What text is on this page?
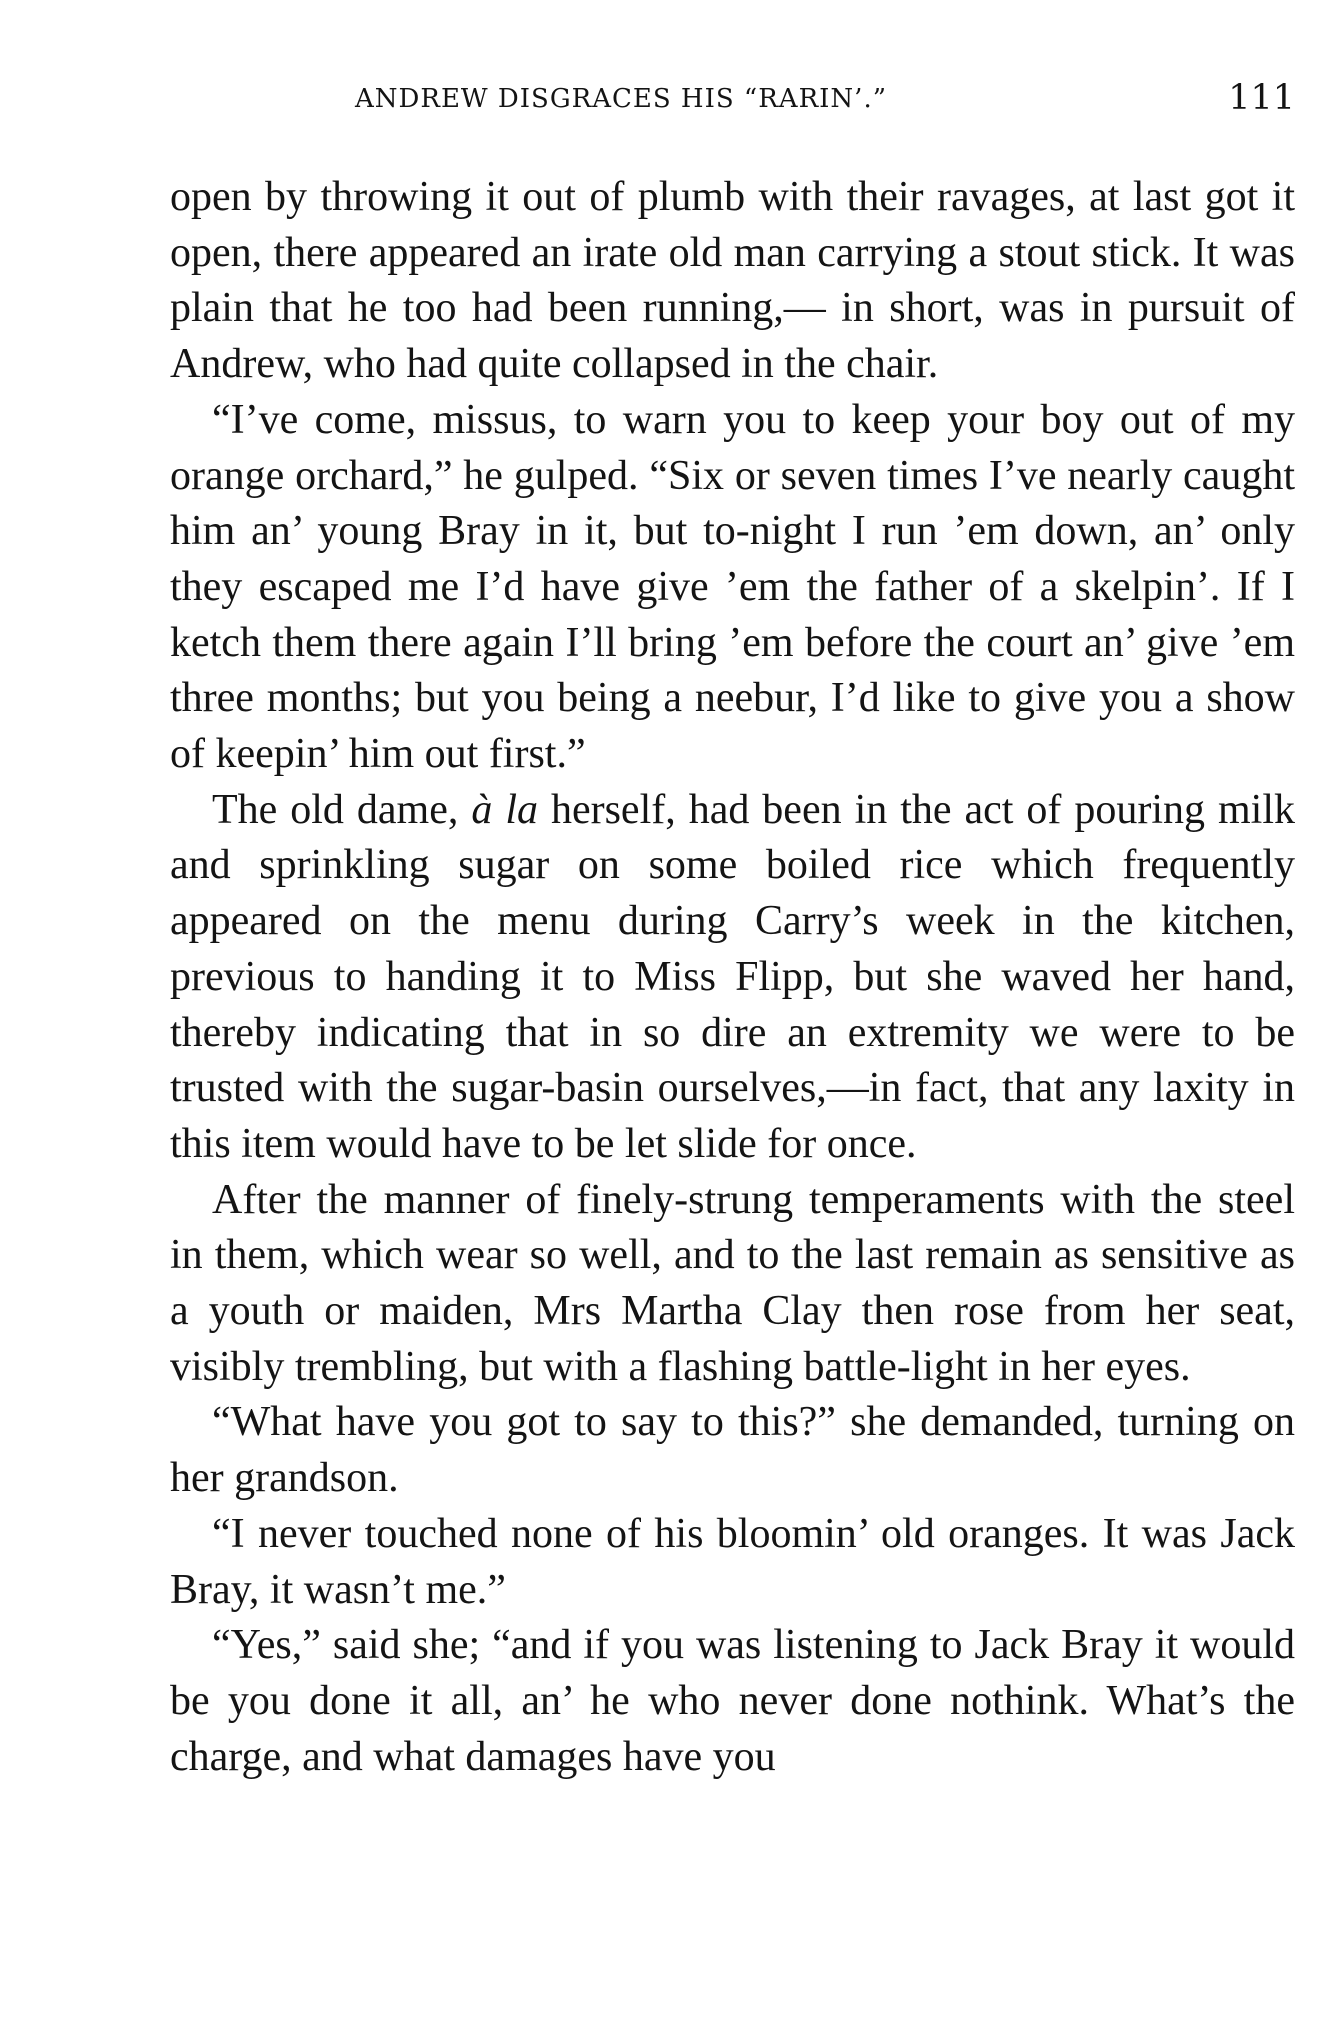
ANDREW DISGRACES HIS “RARIN’.”	111

open by throwing it out of plumb with their ravages, at last got it open, there appeared an irate old man carrying a stout stick. It was plain that he too had been running,— in short, was in pursuit of Andrew, who had quite collapsed in the chair.

“I’ve come, missus, to warn you to keep your boy out of my orange orchard,” he gulped. “Six or seven times I’ve nearly caught him an’ young Bray in it, but to-night I run ’em down, an’ only they escaped me I’d have give ’em the father of a skelpin’. If I ketch them there again I’ll bring ’em before the court an’ give ’em three months; but you being a neebur, I’d like to give you a show of keepin’ him out first.”

The old dame, à la herself, had been in the act of pouring milk and sprinkling sugar on some boiled rice which frequently appeared on the menu during Carry’s week in the kitchen, previous to handing it to Miss Flipp, but she waved her hand, thereby indicating that in so dire an extremity we were to be trusted with the sugar-basin ourselves,—in fact, that any laxity in this item would have to be let slide for once.

After the manner of finely-strung temperaments with the steel in them, which wear so well, and to the last remain as sensitive as a youth or maiden, Mrs Martha Clay then rose from her seat, visibly trembling, but with a flashing battle-light in her eyes.

“What have you got to say to this?” she demanded, turning on her grandson.

“I never touched none of his bloomin’ old oranges. It was Jack Bray, it wasn’t me.”

“Yes,” said she; “and if you was listening to Jack Bray it would be you done it all, an’ he who never done nothink. What’s the charge, and what damages have you
